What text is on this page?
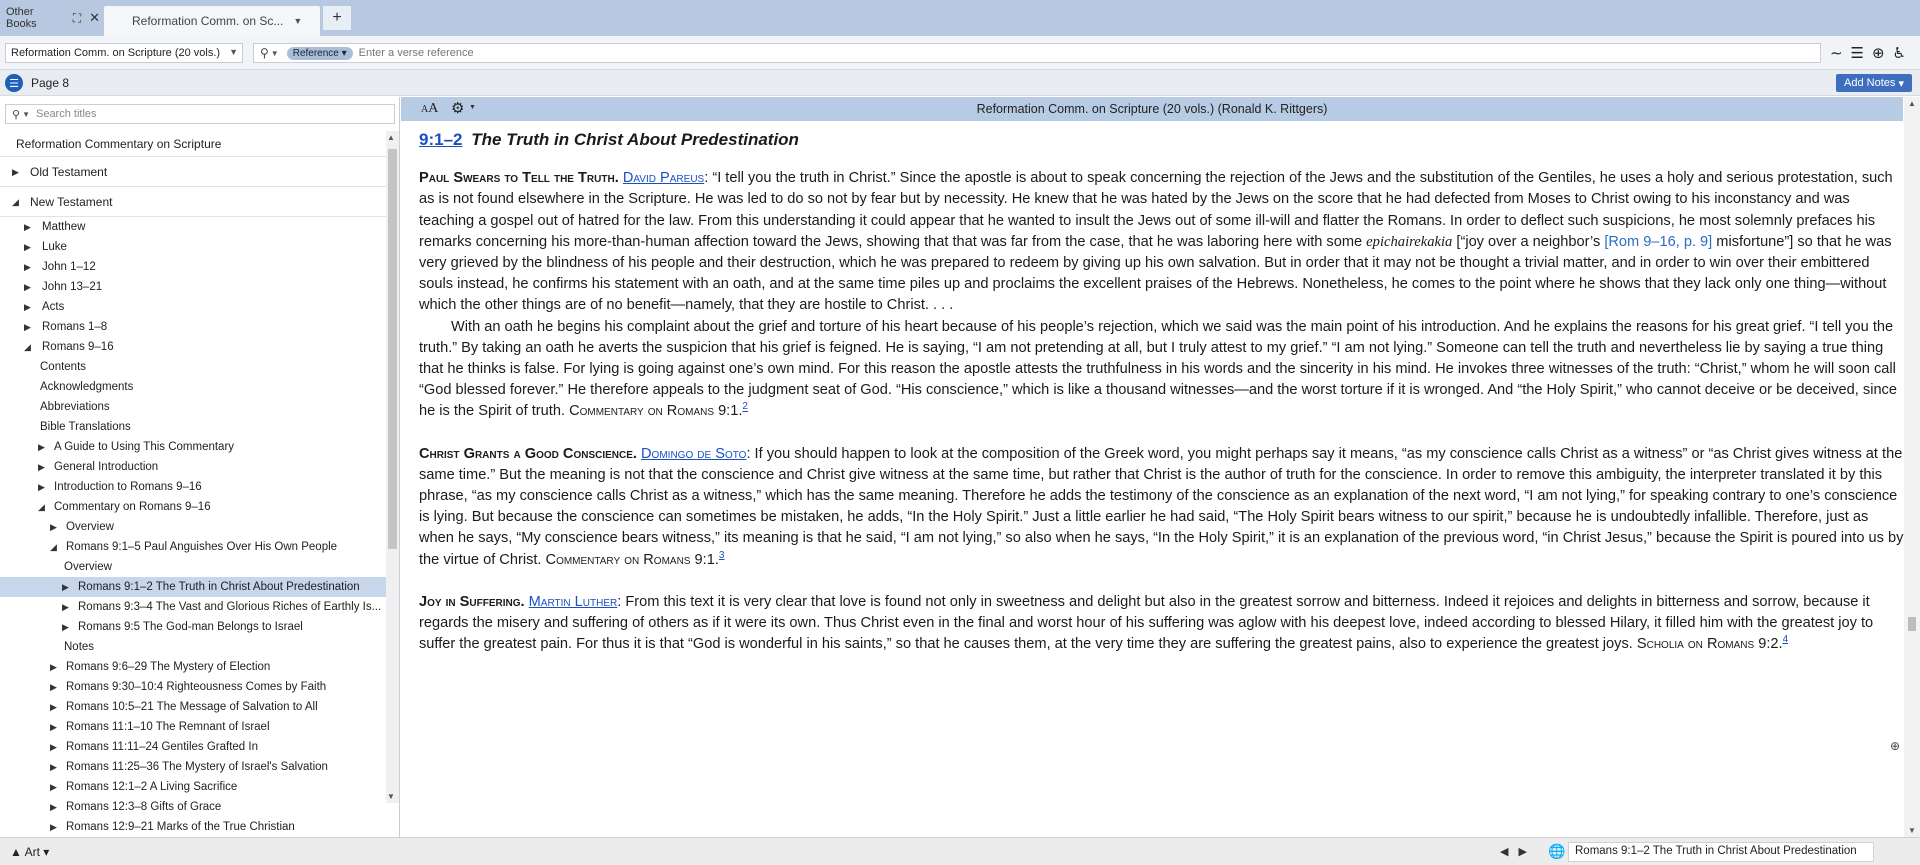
Other Books	⛶ ✕	Reformation Comm. on Sc... ▼	+
Reformation Comm. on Scripture (20 vols.) ▼ ⚲ ▼	Reference ▾
Enter a verse reference	∼ ☰ ⊕ ♿
☰	Page 8	Add Notes ▾
⚲ ▼
Search titles
Reformation Commentary on Scripture
▶ Old Testament
◢ New Testament
▶ Matthew
▶ Luke
▶ John 1–12
▶ John 13–21
▶ Acts
▶ Romans 1–8
◢ Romans 9–16
Contents
Acknowledgments
Abbreviations
Bible Translations
▶ A Guide to Using This Commentary
▶ General Introduction
▶ Introduction to Romans 9–16
◢ Commentary on Romans 9–16
▶ Overview
◢ Romans 9:1–5 Paul Anguishes Over His Own People
Overview
▶ Romans 9:1–2 The Truth in Christ About Predestination
▶ Romans 9:3–4 The Vast and Glorious Riches of Earthly Is...
▶ Romans 9:5 The God-man Belongs to Israel
Notes
▶ Romans 9:6–29 The Mystery of Election
▶ Romans 9:30–10:4 Righteousness Comes by Faith
▶ Romans 10:5–21 The Message of Salvation to All
▶ Romans 11:1–10 The Remnant of Israel
▶ Romans 11:11–24 Gentiles Grafted In
▶ Romans 11:25–36 The Mystery of Israel's Salvation
▶ Romans 12:1–2 A Living Sacrifice
▶ Romans 12:3–8 Gifts of Grace
▶ Romans 12:9–21 Marks of the True Christian
▲
▼
AA ⚙ ▼	Reformation Comm. on Scripture (20 vols.) (Ronald K. Rittgers)
9:1–2 The Truth in Christ About Predestination

Paul Swears to Tell the Truth. David Pareus: “I tell you the truth in Christ.” Since the apostle is about to speak concerning the rejection of the Jews and the substitution of the Gentiles, he uses a holy and serious protestation, such as is not found elsewhere in the Scripture. He was led to do so not by fear but by necessity. He knew that he was hated by the Jews on the score that he had defected from Moses to Christ owing to his inconstancy and was teaching a gospel out of hatred for the law. From this understanding it could appear that he wanted to insult the Jews out of some ill-will and flatter the Romans. In order to deflect such suspicions, he most solemnly prefaces his remarks concerning his more-than-human affection toward the Jews, showing that that was far from the case, that he was laboring here with some epichairekakia [“joy over a neighbor’s [Rom 9–16, p. 9] misfortune”] so that he was very grieved by the blindness of his people and their destruction, which he was prepared to redeem by giving up his own salvation. But in order that it may not be thought a trivial matter, and in order to win over their embittered souls instead, he confirms his statement with an oath, and at the same time piles up and proclaims the excellent praises of the Hebrews. Nonetheless, he comes to the point where he shows that they lack only one thing—without which the other things are of no benefit—namely, that they are hostile to Christ. . . .

With an oath he begins his complaint about the grief and torture of his heart because of his people’s rejection, which we said was the main point of his introduction. And he explains the reasons for his great grief. “I tell you the truth.” By taking an oath he averts the suspicion that his grief is feigned. He is saying, “I am not pretending at all, but I truly attest to my grief.” “I am not lying.” Someone can tell the truth and nevertheless lie by saying a true thing that he thinks is false. For lying is going against one’s own mind. For this reason the apostle attests the truthfulness in his words and the sincerity in his mind. He invokes three witnesses of the truth: “Christ,” whom he will soon call “God blessed forever.” He therefore appeals to the judgment seat of God. “His conscience,” which is like a thousand witnesses—and the worst torture if it is wronged. And “the Holy Spirit,” who cannot deceive or be deceived, since he is the Spirit of truth. Commentary on Romans 9:1.$^2$

Christ Grants a Good Conscience. Domingo de Soto: If you should happen to look at the composition of the Greek word, you might perhaps say it means, “as my conscience calls Christ as a witness” or “as Christ gives witness at the same time.” But the meaning is not that the conscience and Christ give witness at the same time, but rather that Christ is the author of truth for the conscience. In order to remove this ambiguity, the interpreter translated it by this phrase, “as my conscience calls Christ as a witness,” which has the same meaning. Therefore he adds the testimony of the conscience as an explanation of the next word, “I am not lying,” for speaking contrary to one’s conscience is lying. But because the conscience can sometimes be mistaken, he adds, “In the Holy Spirit.” Just a little earlier he had said, “The Holy Spirit bears witness to our spirit,” because he is undoubtedly infallible. Therefore, just as when he says, “My conscience bears witness,” its meaning is that he said, “I am not lying,” so also when he says, “In the Holy Spirit,” it is an explanation of the previous word, “in Christ Jesus,” because the Spirit is poured into us by the virtue of Christ. Commentary on Romans 9:1.$^3$

Joy in Suffering. Martin Luther: From this text it is very clear that love is found not only in sweetness and delight but also in the greatest sorrow and bitterness. Indeed it rejoices and delights in bitterness and sorrow, because it regards the misery and suffering of others as if it were its own. Thus Christ even in the final and worst hour of his suffering was aglow with his deepest love, indeed according to blessed Hilary, it filled him with the greatest joy to suffer the greatest pain. For thus it is that “God is wonderful in his saints,” so that he causes them, at the very time they are suffering the greatest pains, also to experience the greatest joys. Scholia on Romans 9:2.$^4$

⊕
▲
▼
▲ Art ▾	◀▶ 🌐 Romans 9:1–2 The Truth in Christ About Predestination
